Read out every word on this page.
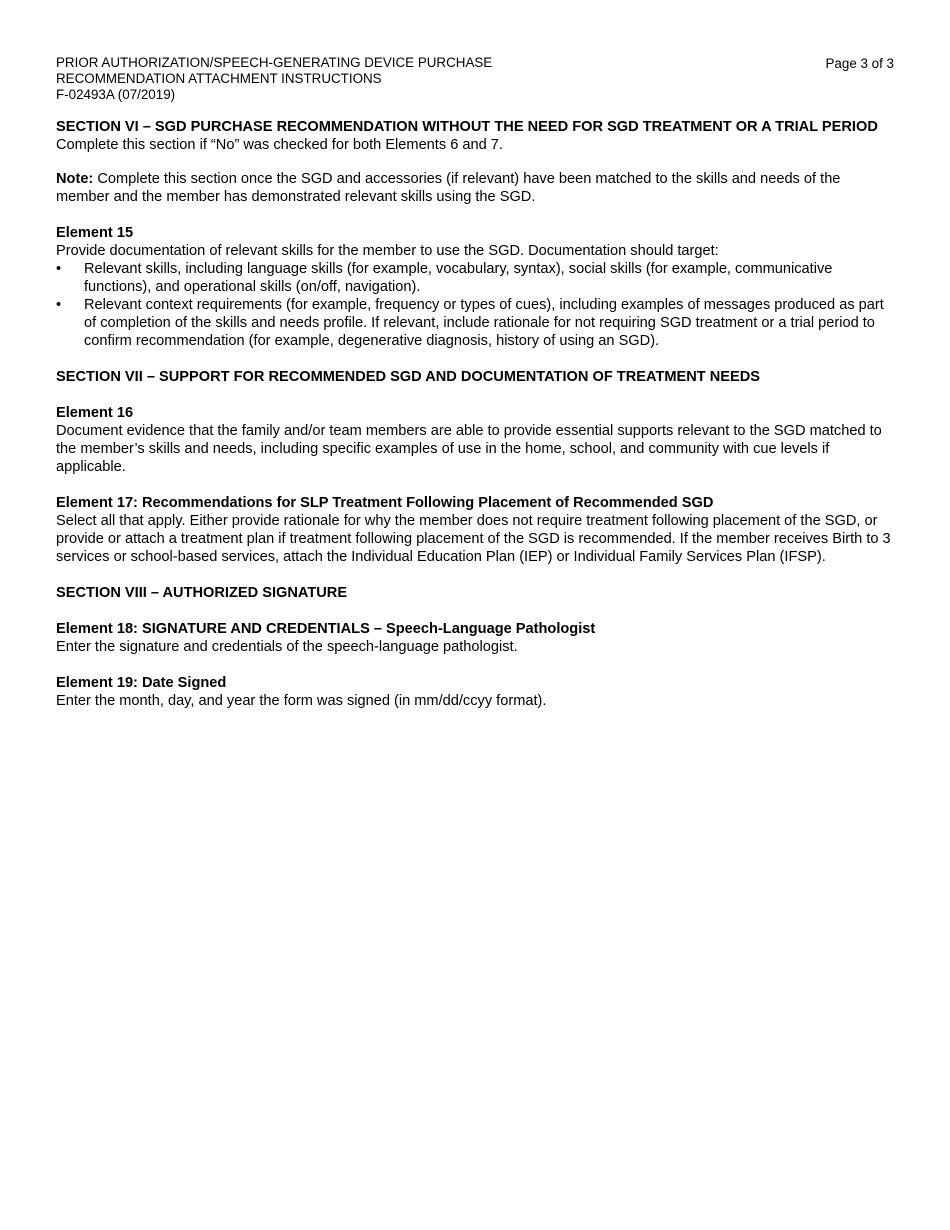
PRIOR AUTHORIZATION/SPEECH-GENERATING DEVICE PURCHASE
RECOMMENDATION ATTACHMENT INSTRUCTIONS
F-02493A (07/2019)
Page 3 of 3
SECTION VI – SGD PURCHASE RECOMMENDATION WITHOUT THE NEED FOR SGD TREATMENT OR A TRIAL PERIOD

Complete this section if “No” was checked for both Elements 6 and 7.

Note: Complete this section once the SGD and accessories (if relevant) have been matched to the skills and needs of the member and the member has demonstrated relevant skills using the SGD.

Element 15

Provide documentation of relevant skills for the member to use the SGD. Documentation should target:

• Relevant skills, including language skills (for example, vocabulary, syntax), social skills (for example, communicative functions), and operational skills (on/off, navigation).
• Relevant context requirements (for example, frequency or types of cues), including examples of messages produced as part of completion of the skills and needs profile. If relevant, include rationale for not requiring SGD treatment or a trial period to confirm recommendation (for example, degenerative diagnosis, history of using an SGD).
SECTION VII – SUPPORT FOR RECOMMENDED SGD AND DOCUMENTATION OF TREATMENT NEEDS
Element 16

Document evidence that the family and/or team members are able to provide essential supports relevant to the SGD matched to the member’s skills and needs, including specific examples of use in the home, school, and community with cue levels if applicable.

Element 17: Recommendations for SLP Treatment Following Placement of Recommended SGD

Select all that apply. Either provide rationale for why the member does not require treatment following placement of the SGD, or provide or attach a treatment plan if treatment following placement of the SGD is recommended. If the member receives Birth to 3 services or school-based services, attach the Individual Education Plan (IEP) or Individual Family Services Plan (IFSP).

SECTION VIII – AUTHORIZED SIGNATURE
Element 18: SIGNATURE AND CREDENTIALS – Speech-Language Pathologist

Enter the signature and credentials of the speech-language pathologist.

Element 19: Date Signed

Enter the month, day, and year the form was signed (in mm/dd/ccyy format).
